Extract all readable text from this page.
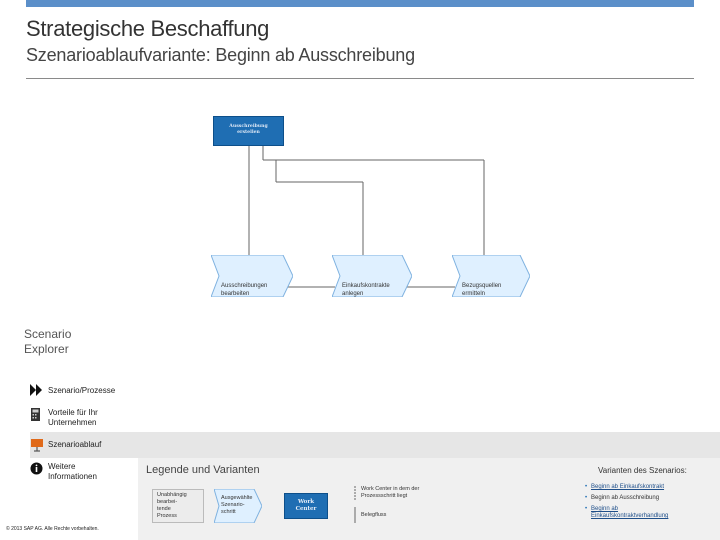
Strategische Beschaffung
Szenarioablaufvariante: Beginn ab Ausschreibung
Ausschreibung
erstellen
Ausschreibungen
bearbeiten
Einkaufskontrakte
anlegen
Bezugsquellen
ermitteln
Scenario
Explorer
Szenario/Prozesse
Vorteile für Ihr
Unternehmen
Szenarioablauf
Weitere
Informationen
Legende und Varianten
Unabhängig
bearbei-
tende
Prozess
Ausgewählte
Szenario-
schritt
Work
Center
Work Center in dem der
Prozessschritt liegt
Belegfluss
Varianten des Szenarios:
• Beginn ab Einkaufskontrakt
• Beginn ab Ausschreibung
• Beginn ab
Einkaufskontraktverhandlung
© 2013 SAP AG. Alle Rechte vorbehalten.
